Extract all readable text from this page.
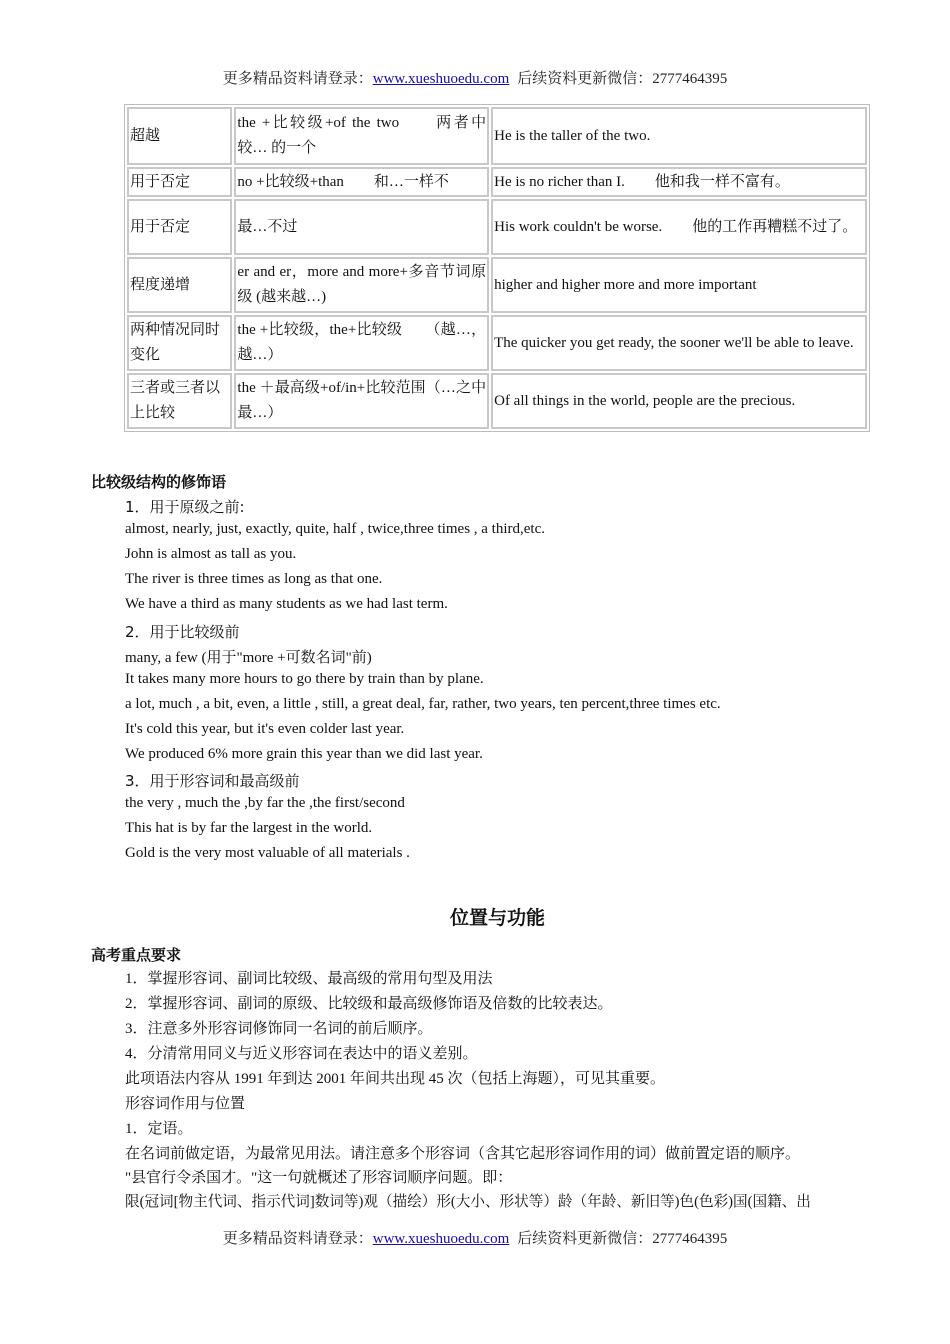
更多精品资料请登录：www.xueshuoedu.com 后续资料更新微信：2777464395
超越	the +比较级+of the two　　两者中较… 的一个	He is the taller of the two.
用于否定	no +比较级+than　　和…一样不	He is no richer than I.　　他和我一样不富有。
用于否定	最…不过	His work couldn't be worse.　　他的工作再糟糕不过了。
程度递增	er and er，more and more+多音节词原级 (越来越…)	higher and higher more and more important
两种情况同时变化	the +比较级，the+比较级　　（越…，越…）	The quicker you get ready, the sooner we'll be able to leave.
三者或三者以上比较	the ＋最高级+of/in+比较范围（…之中最…）	Of all things in the world, people are the precious.
比较级结构的修饰语
1．用于原级之前:
almost, nearly, just, exactly, quite, half , twice,three times , a third,etc.
John is almost as tall as you.
The river is three times as long as that one.
We have a third as many students as we had last term.
2．用于比较级前
many, a few (用于"more +可数名词"前)
It takes many more hours to go there by train than by plane.
a lot, much , a bit, even, a little , still, a great deal, far, rather, two years, ten percent,three times etc.
It's cold this year, but it's even colder last year.
We produced 6% more grain this year than we did last year.
3．用于形容词和最高级前
the very , much the ,by far the ,the first/second
This hat is by far the largest in the world.
Gold is the very most valuable of all materials .
位置与功能
高考重点要求
1．掌握形容词、副词比较级、最高级的常用句型及用法
2．掌握形容词、副词的原级、比较级和最高级修饰语及倍数的比较表达。
3．注意多外形容词修饰同一名词的前后顺序。
4．分清常用同义与近义形容词在表达中的语义差别。
此项语法内容从 1991 年到达 2001 年间共出现 45 次（包括上海题），可见其重要。
形容词作用与位置
1．定语。
在名词前做定语，为最常见用法。请注意多个形容词（含其它起形容词作用的词）做前置定语的顺序。
"县官行令杀国才。"这一句就概述了形容词顺序问题。即：
限(冠词[物主代词、指示代词]数词等)观（描绘）形(大小、形状等）龄（年龄、新旧等)色(色彩)国(国籍、出
更多精品资料请登录：www.xueshuoedu.com 后续资料更新微信：2777464395
